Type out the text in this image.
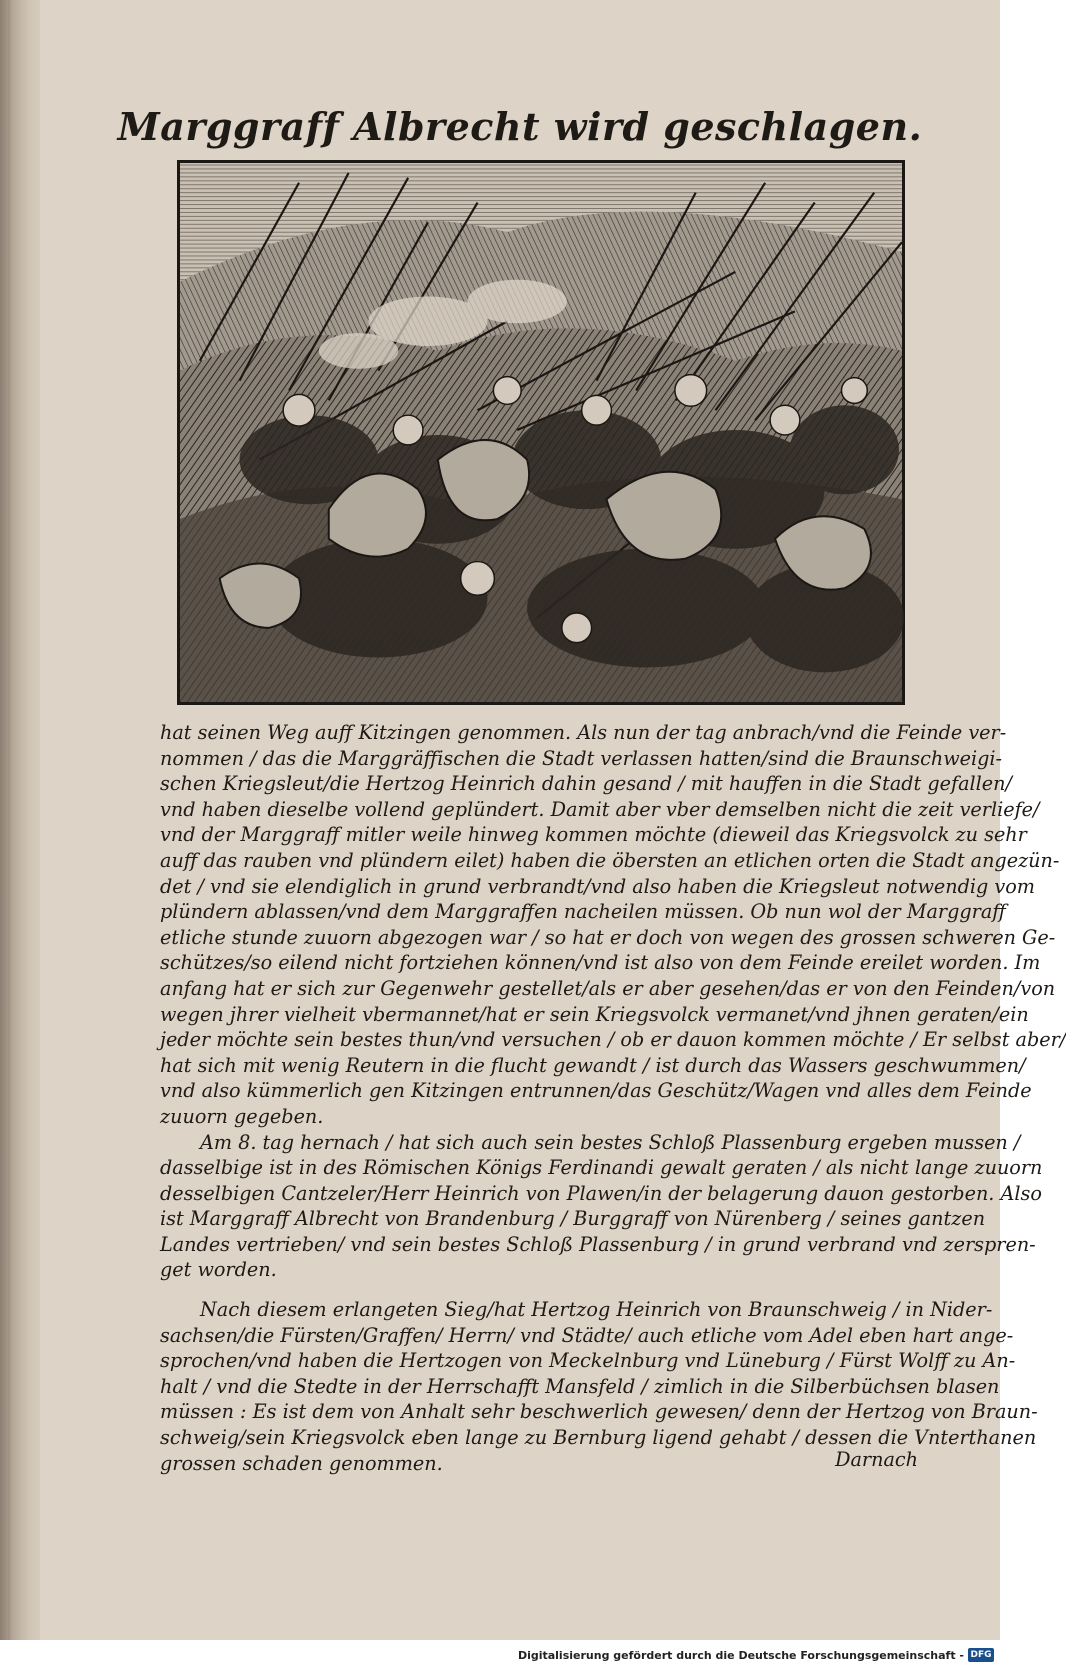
Marggraff Albrecht wird geschlagen.
hat seinen Weg auff Kitzingen genommen. Als nun der tag anbrach/vnd die Feinde ver-
nommen / das die Marggräffischen die Stadt verlassen hatten/sind die Braunschweigi-
schen Kriegsleut/die Hertzog Heinrich dahin gesand / mit hauffen in die Stadt gefallen/
vnd haben dieselbe vollend geplündert. Damit aber vber demselben nicht die zeit verliefe/
vnd der Marggraff mitler weile hinweg kommen möchte (dieweil das Kriegsvolck zu sehr
auff das rauben vnd plündern eilet) haben die öbersten an etlichen orten die Stadt angezün-
det / vnd sie elendiglich in grund verbrandt/vnd also haben die Kriegsleut notwendig vom
plündern ablassen/vnd dem Marggraffen nacheilen müssen. Ob nun wol der Marggraff
etliche stunde zuuorn abgezogen war / so hat er doch von wegen des grossen schweren Ge-
schützes/so eilend nicht fortziehen können/vnd ist also von dem Feinde ereilet worden. Im
anfang hat er sich zur Gegenwehr gestellet/als er aber gesehen/das er von den Feinden/von
wegen jhrer vielheit vbermannet/hat er sein Kriegsvolck vermanet/vnd jhnen geraten/ein
jeder möchte sein bestes thun/vnd versuchen / ob er dauon kommen möchte / Er selbst aber/
hat sich mit wenig Reutern in die flucht gewandt / ist durch das Wassers geschwummen/
vnd also kümmerlich gen Kitzingen entrunnen/das Geschütz/Wagen vnd alles dem Feinde
zuuorn gegeben.
Am 8. tag hernach / hat sich auch sein bestes Schloß Plassenburg ergeben mussen /
dasselbige ist in des Römischen Königs Ferdinandi gewalt geraten / als nicht lange zuuorn
desselbigen Cantzeler/Herr Heinrich von Plawen/in der belagerung dauon gestorben. Also
ist Marggraff Albrecht von Brandenburg / Burggraff von Nürenberg / seines gantzen
Landes vertrieben/ vnd sein bestes Schloß Plassenburg / in grund verbrand vnd zerspren-
get worden.
Nach diesem erlangeten Sieg/hat Hertzog Heinrich von Braunschweig / in Nider-
sachsen/die Fürsten/Graffen/ Herrn/ vnd Städte/ auch etliche vom Adel eben hart ange-
sprochen/vnd haben die Hertzogen von Meckelnburg vnd Lüneburg / Fürst Wolff zu An-
halt / vnd die Stedte in der Herrschafft Mansfeld / zimlich in die Silberbüchsen blasen
müssen : Es ist dem von Anhalt sehr beschwerlich gewesen/ denn der Hertzog von Braun-
schweig/sein Kriegsvolck eben lange zu Bernburg ligend gehabt / dessen die Vnterthanen
grossen schaden genommen.	Darnach
Digitalisierung gefördert durch die Deutsche Forschungsgemeinschaft - DFG
